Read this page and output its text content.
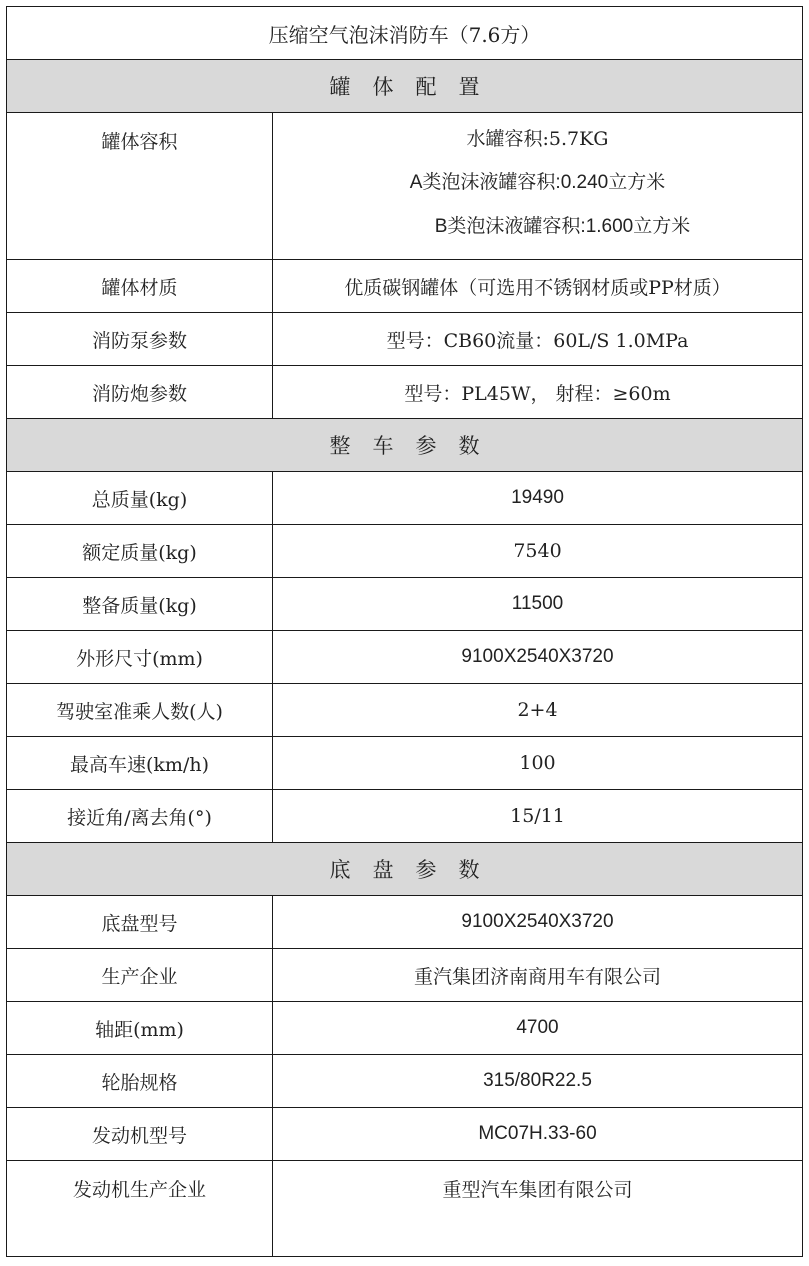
压缩空气泡沫消防车（7.6方）	
罐体配置	

罐体容积	水罐容积:5.7KG
A类泡沫液罐容积:0.240立方米
B类泡沫液罐容积:1.600立方米

罐体材质	优质碳钢罐体（可选用不锈钢材质或PP材质）
消防泵参数	型号：CB60流量：60L/S 1.0MPa
消防炮参数	型号：PL45W， 射程：≥60m
整车参数	
总质量(kg)	19490
额定质量(kg)	7540
整备质量(kg)	11500
外形尺寸(mm)	9100X2540X3720
驾驶室准乘人数(人)	2+4
最高车速(km/h)	100
接近角/离去角(°)	15/11
底盘参数	
底盘型号	9100X2540X3720
生产企业	重汽集团济南商用车有限公司
轴距(mm)	4700
轮胎规格	315/80R22.5
发动机型号	MC07H.33-60

发动机生产企业	重型汽车集团有限公司
